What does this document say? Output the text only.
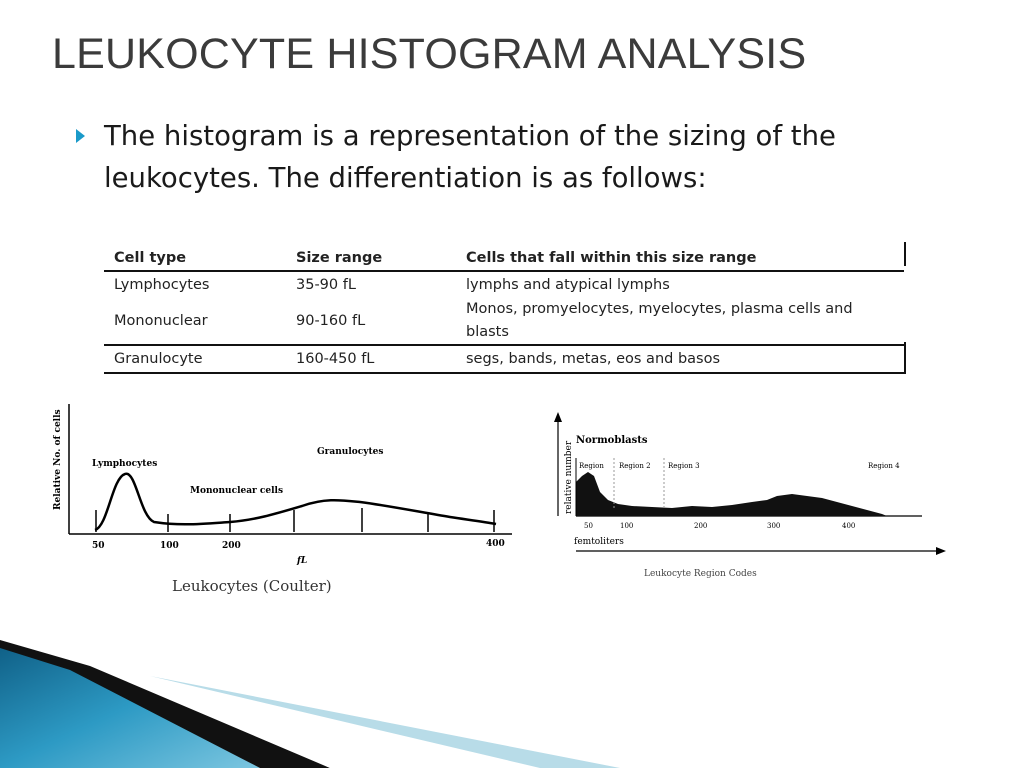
LEUKOCYTE HISTOGRAM ANALYSIS

The histogram is a representation of the sizing of the leukocytes. The differentiation is as follows:

Cell type	Size range	Cells that fall within this size range
Lymphocytes	35-90 fL	lymphs and atypical lymphs
Mononuclear	90-160 fL	Monos, promyelocytes, myelocytes, plasma cells and blasts
Granulocyte	160-450 fL	segs, bands, metas, eos and basos
Relative No. of cells	Lymphocytes
Mononuclear cells
Granulocytes
50	100	200	400
fL
Leukocytes (Coulter)
relative number
Normoblasts
Region Region 2 Region 3	Region 4
50	100	200	300	400
femtoliters
Leukocyte Region Codes
